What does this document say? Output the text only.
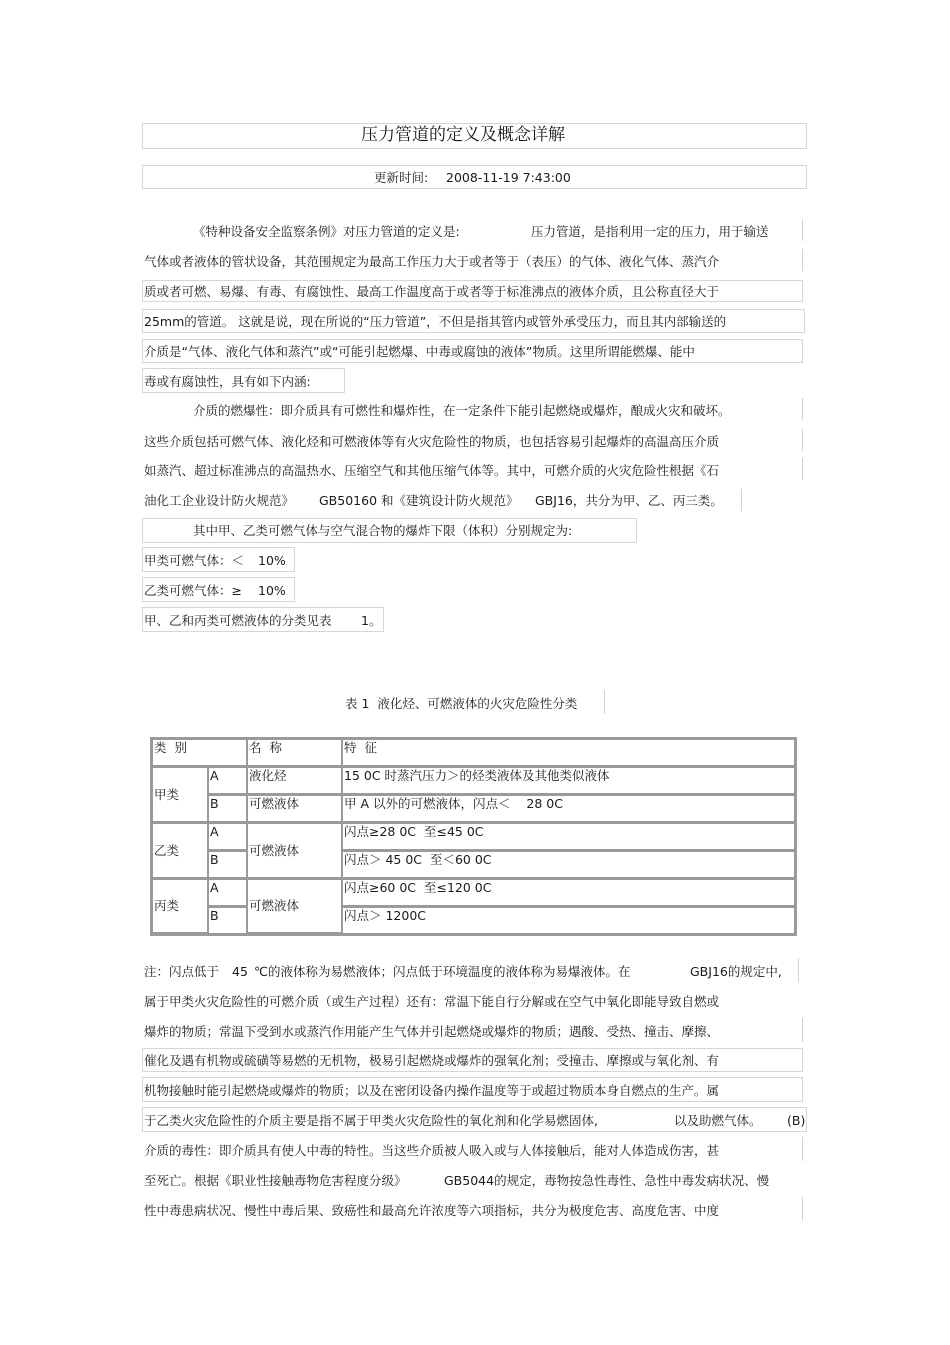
压力管道的定义及概念详解
更新时间: 2008-11-19 7:43:00
《特种设备安全监察条例》对压力管道的定义是:	压力管道，是指利用一定的压力，用于输送
气体或者液体的管状设备，其范围规定为最高工作压力大于或者等于（表压）的气体、液化气体、蒸汽介
质或者可燃、易爆、有毒、有腐蚀性、最高工作温度高于或者等于标准沸点的液体介质，且公称直径大于
25mm的管道。 这就是说，现在所说的“压力管道”，不但是指其管内或管外承受压力，而且其内部输送的
介质是“气体、液化气体和蒸汽”或“可能引起燃爆、中毒或腐蚀的液体”物质。这里所谓能燃爆、能中
毒或有腐蚀性，具有如下内涵:
介质的燃爆性：即介质具有可燃性和爆炸性，在一定条件下能引起燃烧或爆炸，酿成火灾和破坏。
这些介质包括可燃气体、液化烃和可燃液体等有火灾危险性的物质，也包括容易引起爆炸的高温高压介质
如蒸汽、超过标准沸点的高温热水、压缩空气和其他压缩气体等。其中，可燃介质的火灾危险性根据《石
油化工企业设计防火规范》 GB50160 和《建筑设计防火规范》 GBJ16，共分为甲、乙、丙三类。
其中甲、乙类可燃气体与空气混合物的爆炸下限（体积）分别规定为:
甲类可燃气体：＜ 10%
乙类可燃气体：≥ 10%
甲、乙和丙类可燃液体的分类见表 1。
表 1  液化烃、可燃液体的火灾危险性分类
类  别		名  称	特  征
甲类	A	液化烃	15 0C 时蒸汽压力＞的烃类液体及其他类似液体
	B	可燃液体	甲 A 以外的可燃液体，闪点＜    28 0C
乙类	A	可燃液体	闪点≥28 0C  至≤45 0C
	B		闪点＞ 45 0C  至＜60 0C
丙类	A	可燃液体	闪点≥60 0C  至≤120 0C
	B		闪点＞ 1200C
注：闪点低于 45 ℃的液体称为易燃液体；闪点低于环境温度的液体称为易爆液体。在	GBJ16的规定中,
属于甲类火灾危险性的可燃介质（或生产过程）还有：常温下能自行分解或在空气中氧化即能导致自燃或
爆炸的物质；常温下受到水或蒸汽作用能产生气体并引起燃烧或爆炸的物质；遇酸、受热、撞击、摩擦、
催化及遇有机物或硫磺等易燃的无机物，极易引起燃烧或爆炸的强氧化剂；受撞击、摩擦或与氧化剂、有
机物接触时能引起燃烧或爆炸的物质；以及在密闭设备内操作温度等于或超过物质本身自燃点的生产。属
于乙类火灾危险性的介质主要是指不属于甲类火灾危险性的氧化剂和化学易燃固体,	以及助燃气体。 (B)
介质的毒性：即介质具有使人中毒的特性。当这些介质被人吸入或与人体接触后，能对人体造成伤害，甚
至死亡。根据《职业性接触毒物危害程度分级》	GB5044的规定，毒物按急性毒性、急性中毒发病状况、慢
性中毒患病状况、慢性中毒后果、致癌性和最高允许浓度等六项指标，共分为极度危害、高度危害、中度
